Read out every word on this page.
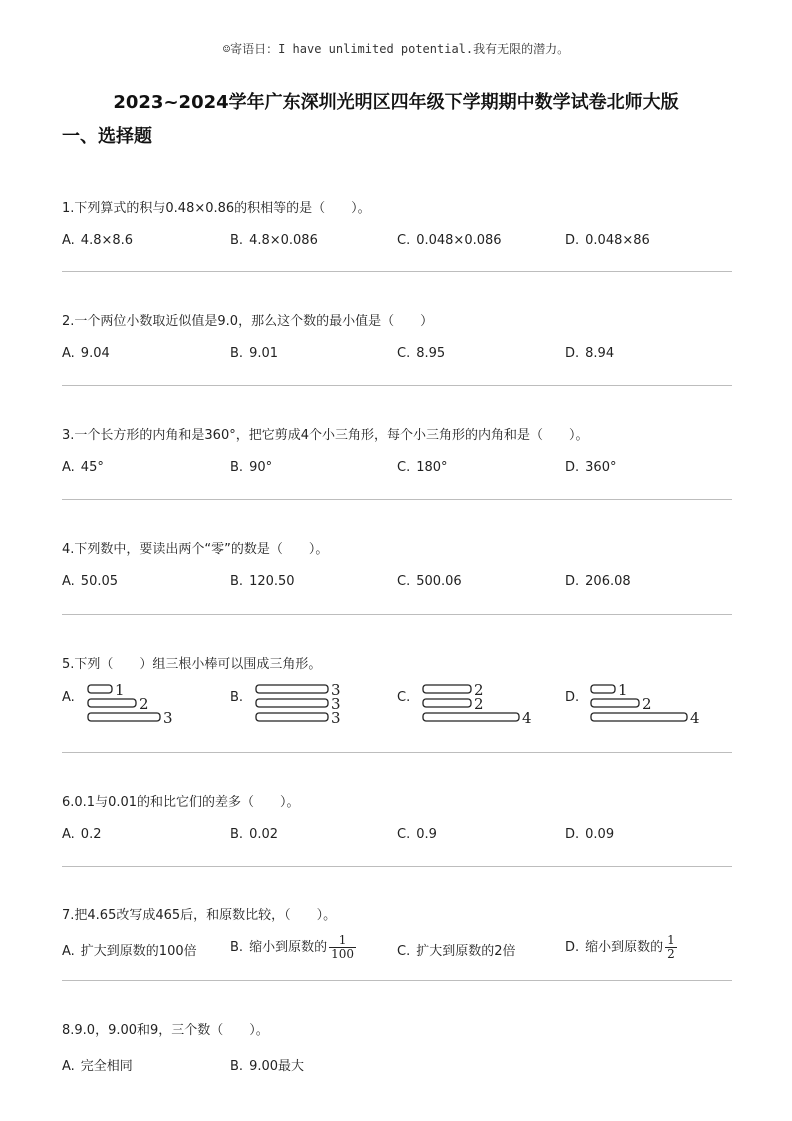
☺寄语日：I have unlimited potential.我有无限的潜力。
2023~2024学年广东深圳光明区四年级下学期期中数学试卷北师大版
一、选择题
1.下列算式的积与0.48×0.86的积相等的是（　　）。
A. 4.8×8.6	B. 4.8×0.086	C. 0.048×0.086	D. 0.048×86
2.一个两位小数取近似值是9.0，那么这个数的最小值是（　　）
A. 9.04	B. 9.01	C. 8.95	D. 8.94
3.一个长方形的内角和是360°，把它剪成4个小三角形，每个小三角形的内角和是（　　）。
A. 45°	B. 90°	C. 180°	D. 360°
4.下列数中，要读出两个“零”的数是（　　）。
A. 50.05	B. 120.50	C. 500.06	D. 206.08
5.下列（　　）组三根小棒可以围成三角形。
A.	1
2
3
B.	3
3
3
C.	2
2
4
D.	1
2
4
6.0.1与0.01的和比它们的差多（　　）。
A. 0.2	B. 0.02	C. 0.9	D. 0.09
7.把4.65改写成465后，和原数比较，（　　）。
A. 扩大到原数的100倍	B. 缩小到原数的 $\frac{1}{100}$	C. 扩大到原数的2倍	D. 缩小到原数的 $\frac{1}{2}$
8.9.0，9.00和9，三个数（　　）。
A. 完全相同	B. 9.00最大
